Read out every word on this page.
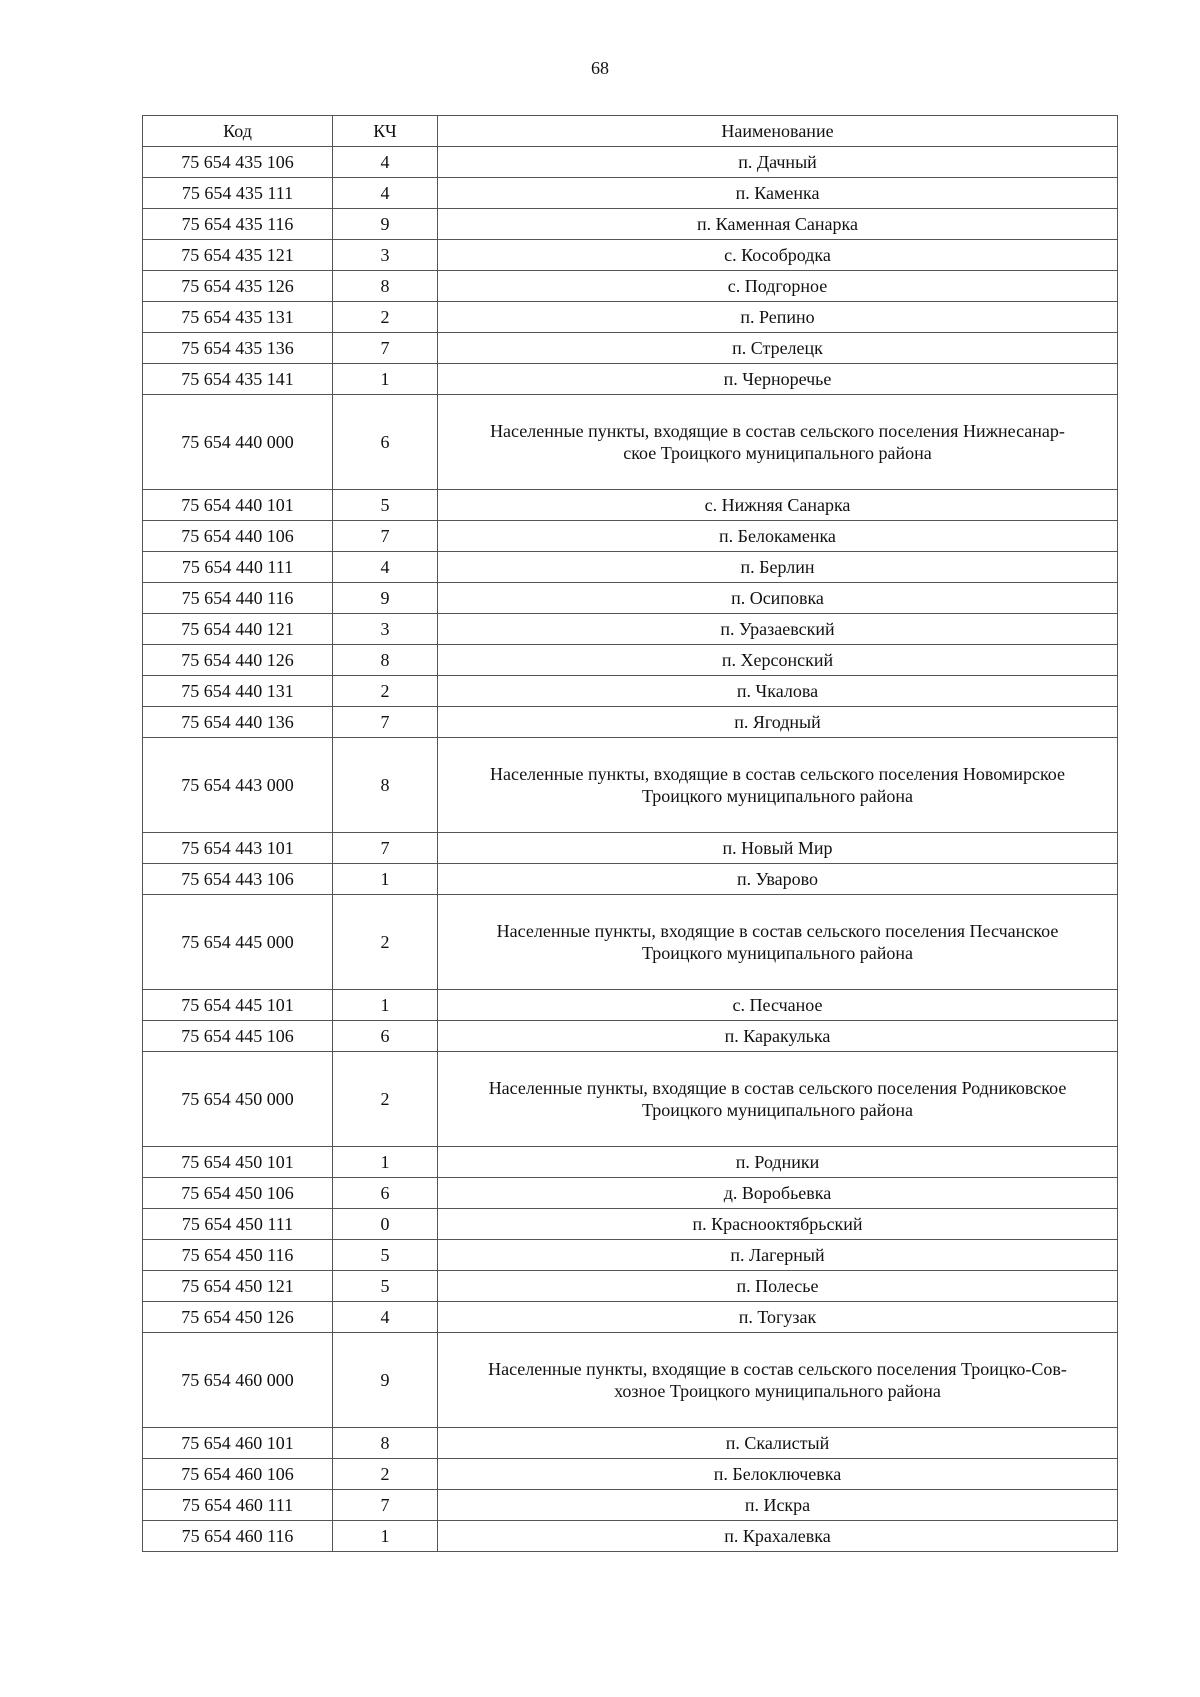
68
Код	КЧ	Наименование
75 654 435 106	4	п. Дачный
75 654 435 111	4	п. Каменка
75 654 435 116	9	п. Каменная Санарка
75 654 435 121	3	с. Кособродка
75 654 435 126	8	с. Подгорное
75 654 435 131	2	п. Репино
75 654 435 136	7	п. Стрелецк
75 654 435 141	1	п. Черноречье
75 654 440 000	6	Населенные пункты, входящие в состав сельского поселения Нижнесанар-
ское Троицкого муниципального района
75 654 440 101	5	с. Нижняя Санарка
75 654 440 106	7	п. Белокаменка
75 654 440 111	4	п. Берлин
75 654 440 116	9	п. Осиповка
75 654 440 121	3	п. Уразаевский
75 654 440 126	8	п. Херсонский
75 654 440 131	2	п. Чкалова
75 654 440 136	7	п. Ягодный
75 654 443 000	8	Населенные пункты, входящие в состав сельского поселения Новомирское
Троицкого муниципального района
75 654 443 101	7	п. Новый Мир
75 654 443 106	1	п. Уварово
75 654 445 000	2	Населенные пункты, входящие в состав сельского поселения Песчанское
Троицкого муниципального района
75 654 445 101	1	с. Песчаное
75 654 445 106	6	п. Каракулька
75 654 450 000	2	Населенные пункты, входящие в состав сельского поселения Родниковское
Троицкого муниципального района
75 654 450 101	1	п. Родники
75 654 450 106	6	д. Воробьевка
75 654 450 111	0	п. Краснооктябрьский
75 654 450 116	5	п. Лагерный
75 654 450 121	5	п. Полесье
75 654 450 126	4	п. Тогузак
75 654 460 000	9	Населенные пункты, входящие в состав сельского поселения Троицко-Сов-
хозное Троицкого муниципального района
75 654 460 101	8	п. Скалистый
75 654 460 106	2	п. Белоключевка
75 654 460 111	7	п. Искра
75 654 460 116	1	п. Крахалевка
